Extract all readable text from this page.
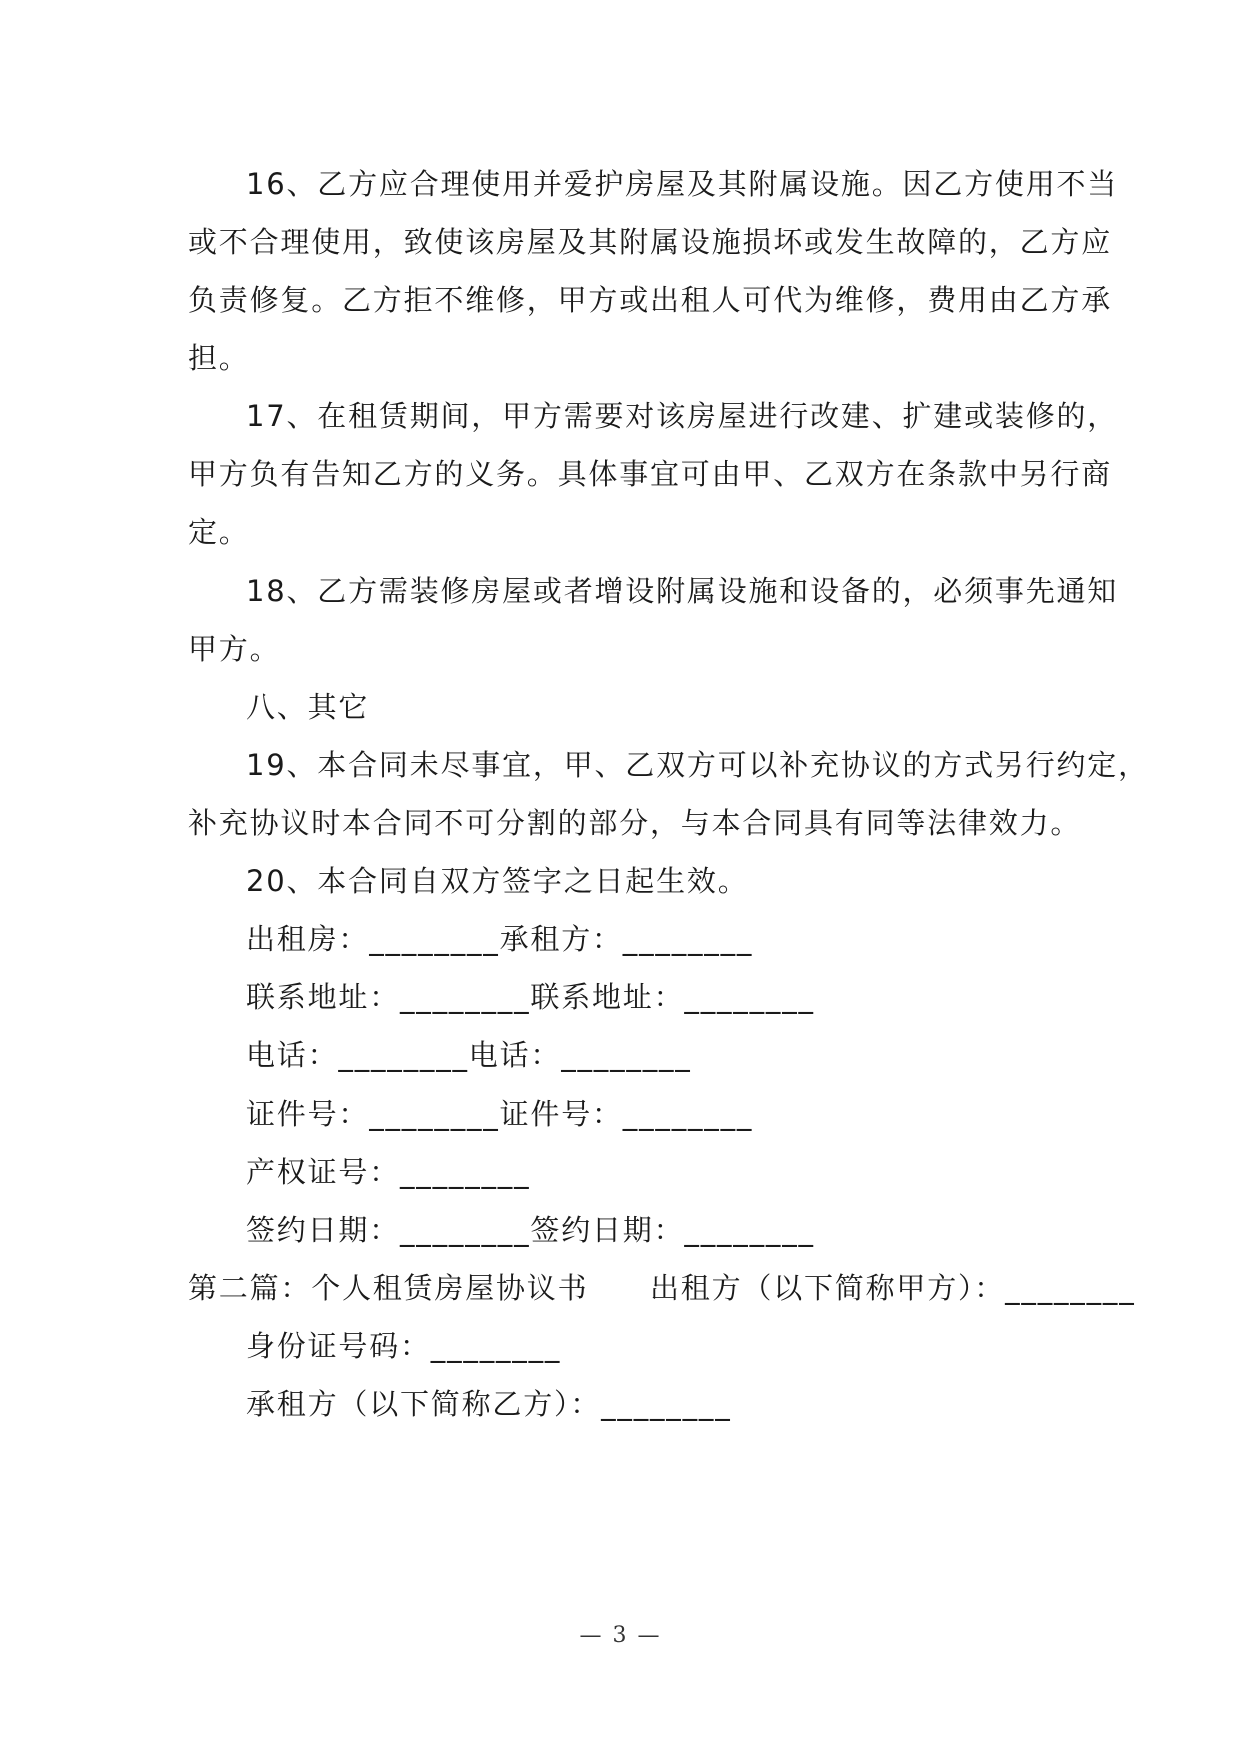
16、乙方应合理使用并爱护房屋及其附属设施。因乙方使用不当
或不合理使用，致使该房屋及其附属设施损坏或发生故障的，乙方应
负责修复。乙方拒不维修，甲方或出租人可代为维修，费用由乙方承
担。
17、在租赁期间，甲方需要对该房屋进行改建、扩建或装修的，
甲方负有告知乙方的义务。具体事宜可由甲、乙双方在条款中另行商
定。
18、乙方需装修房屋或者增设附属设施和设备的，必须事先通知
甲方。
八、其它
19、本合同未尽事宜，甲、乙双方可以补充协议的方式另行约定，
补充协议时本合同不可分割的部分，与本合同具有同等法律效力。
20、本合同自双方签字之日起生效。
出租房：________承租方：________
联系地址：________联系地址：________
电话：________电话：________
证件号：________证件号：________
产权证号：________
签约日期：________签约日期：________
第二篇：个人租赁房屋协议书　　出租方（以下简称甲方）：________
身份证号码：________
承租方（以下简称乙方）：________
— 3 —
